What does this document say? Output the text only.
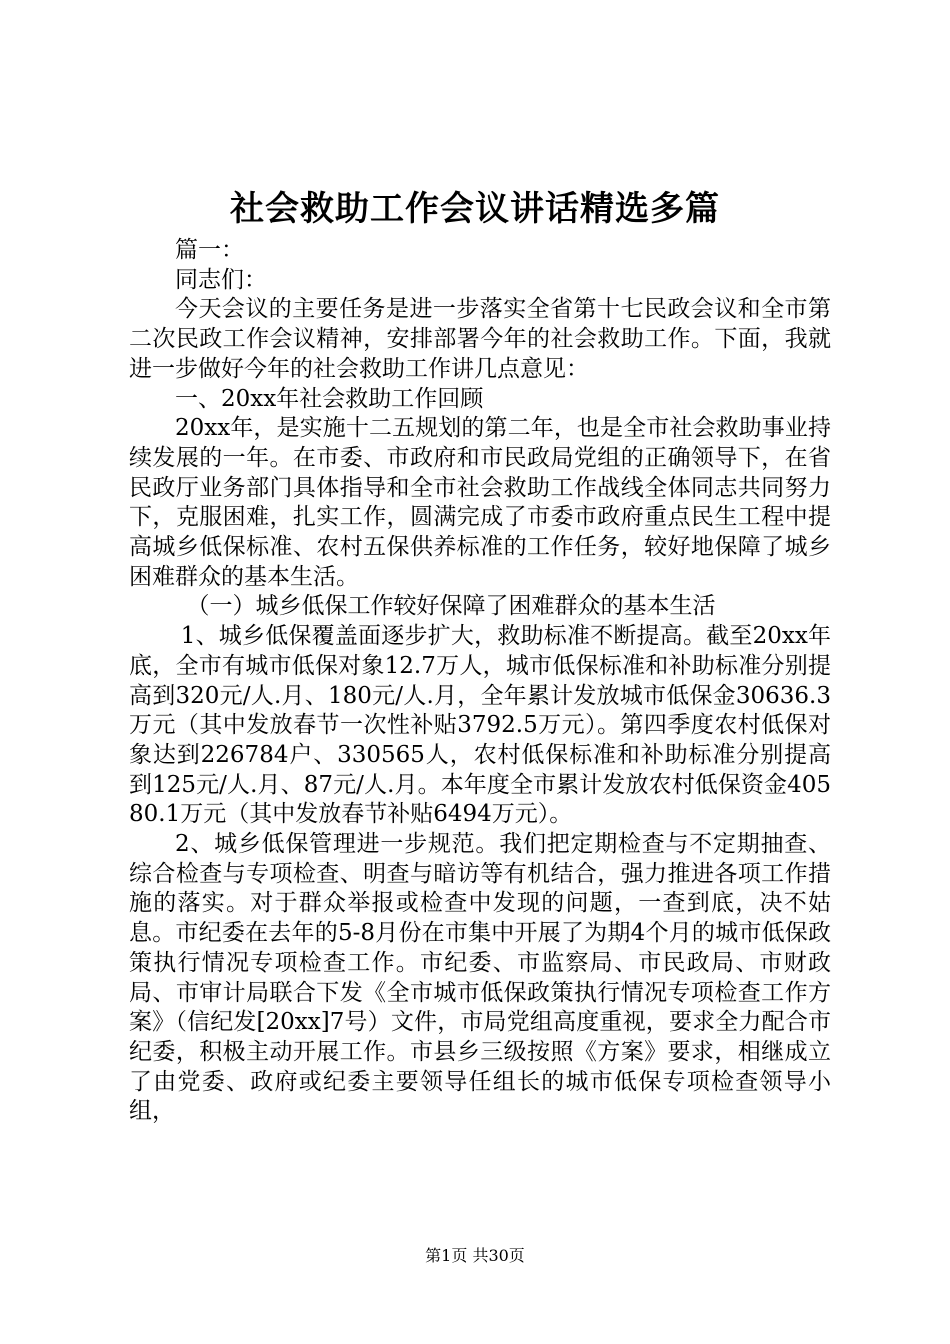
社会救助工作会议讲话精选多篇

篇一：

同志们：

今天会议的主要任务是进一步落实全省第十七民政会议和全市第二次民政工作会议精神，安排部署今年的社会救助工作。下面，我就进一步做好今年的社会救助工作讲几点意见：

一、20xx年社会救助工作回顾

20xx年，是实施十二五规划的第二年，也是全市社会救助事业持续发展的一年。在市委、市政府和市民政局党组的正确领导下，在省民政厅业务部门具体指导和全市社会救助工作战线全体同志共同努力下，克服困难，扎实工作，圆满完成了市委市政府重点民生工程中提高城乡低保标准、农村五保供养标准的工作任务，较好地保障了城乡困难群众的基本生活。

（一）城乡低保工作较好保障了困难群众的基本生活

1、城乡低保覆盖面逐步扩大，救助标准不断提高。截至20xx年底，全市有城市低保对象12.7万人，城市低保标准和补助标准分别提高到320元/人.月、180元/人.月，全年累计发放城市低保金30636.3万元（其中发放春节一次性补贴3792.5万元）。第四季度农村低保对象达到226784户、330565人，农村低保标准和补助标准分别提高到125元/人.月、87元/人.月。本年度全市累计发放农村低保资金40580.1万元（其中发放春节补贴6494万元）。

2、城乡低保管理进一步规范。我们把定期检查与不定期抽查、综合检查与专项检查、明查与暗访等有机结合，强力推进各项工作措施的落实。对于群众举报或检查中发现的问题，一查到底，决不姑息。市纪委在去年的5-8月份在市集中开展了为期4个月的城市低保政策执行情况专项检查工作。市纪委、市监察局、市民政局、市财政局、市审计局联合下发《全市城市低保政策执行情况专项检查工作方案》（信纪发[20xx]7号）文件，市局党组高度重视，要求全力配合市纪委，积极主动开展工作。市县乡三级按照《方案》要求，相继成立了由党委、政府或纪委主要领导任组长的城市低保专项检查领导小组，

第1页 共30页
